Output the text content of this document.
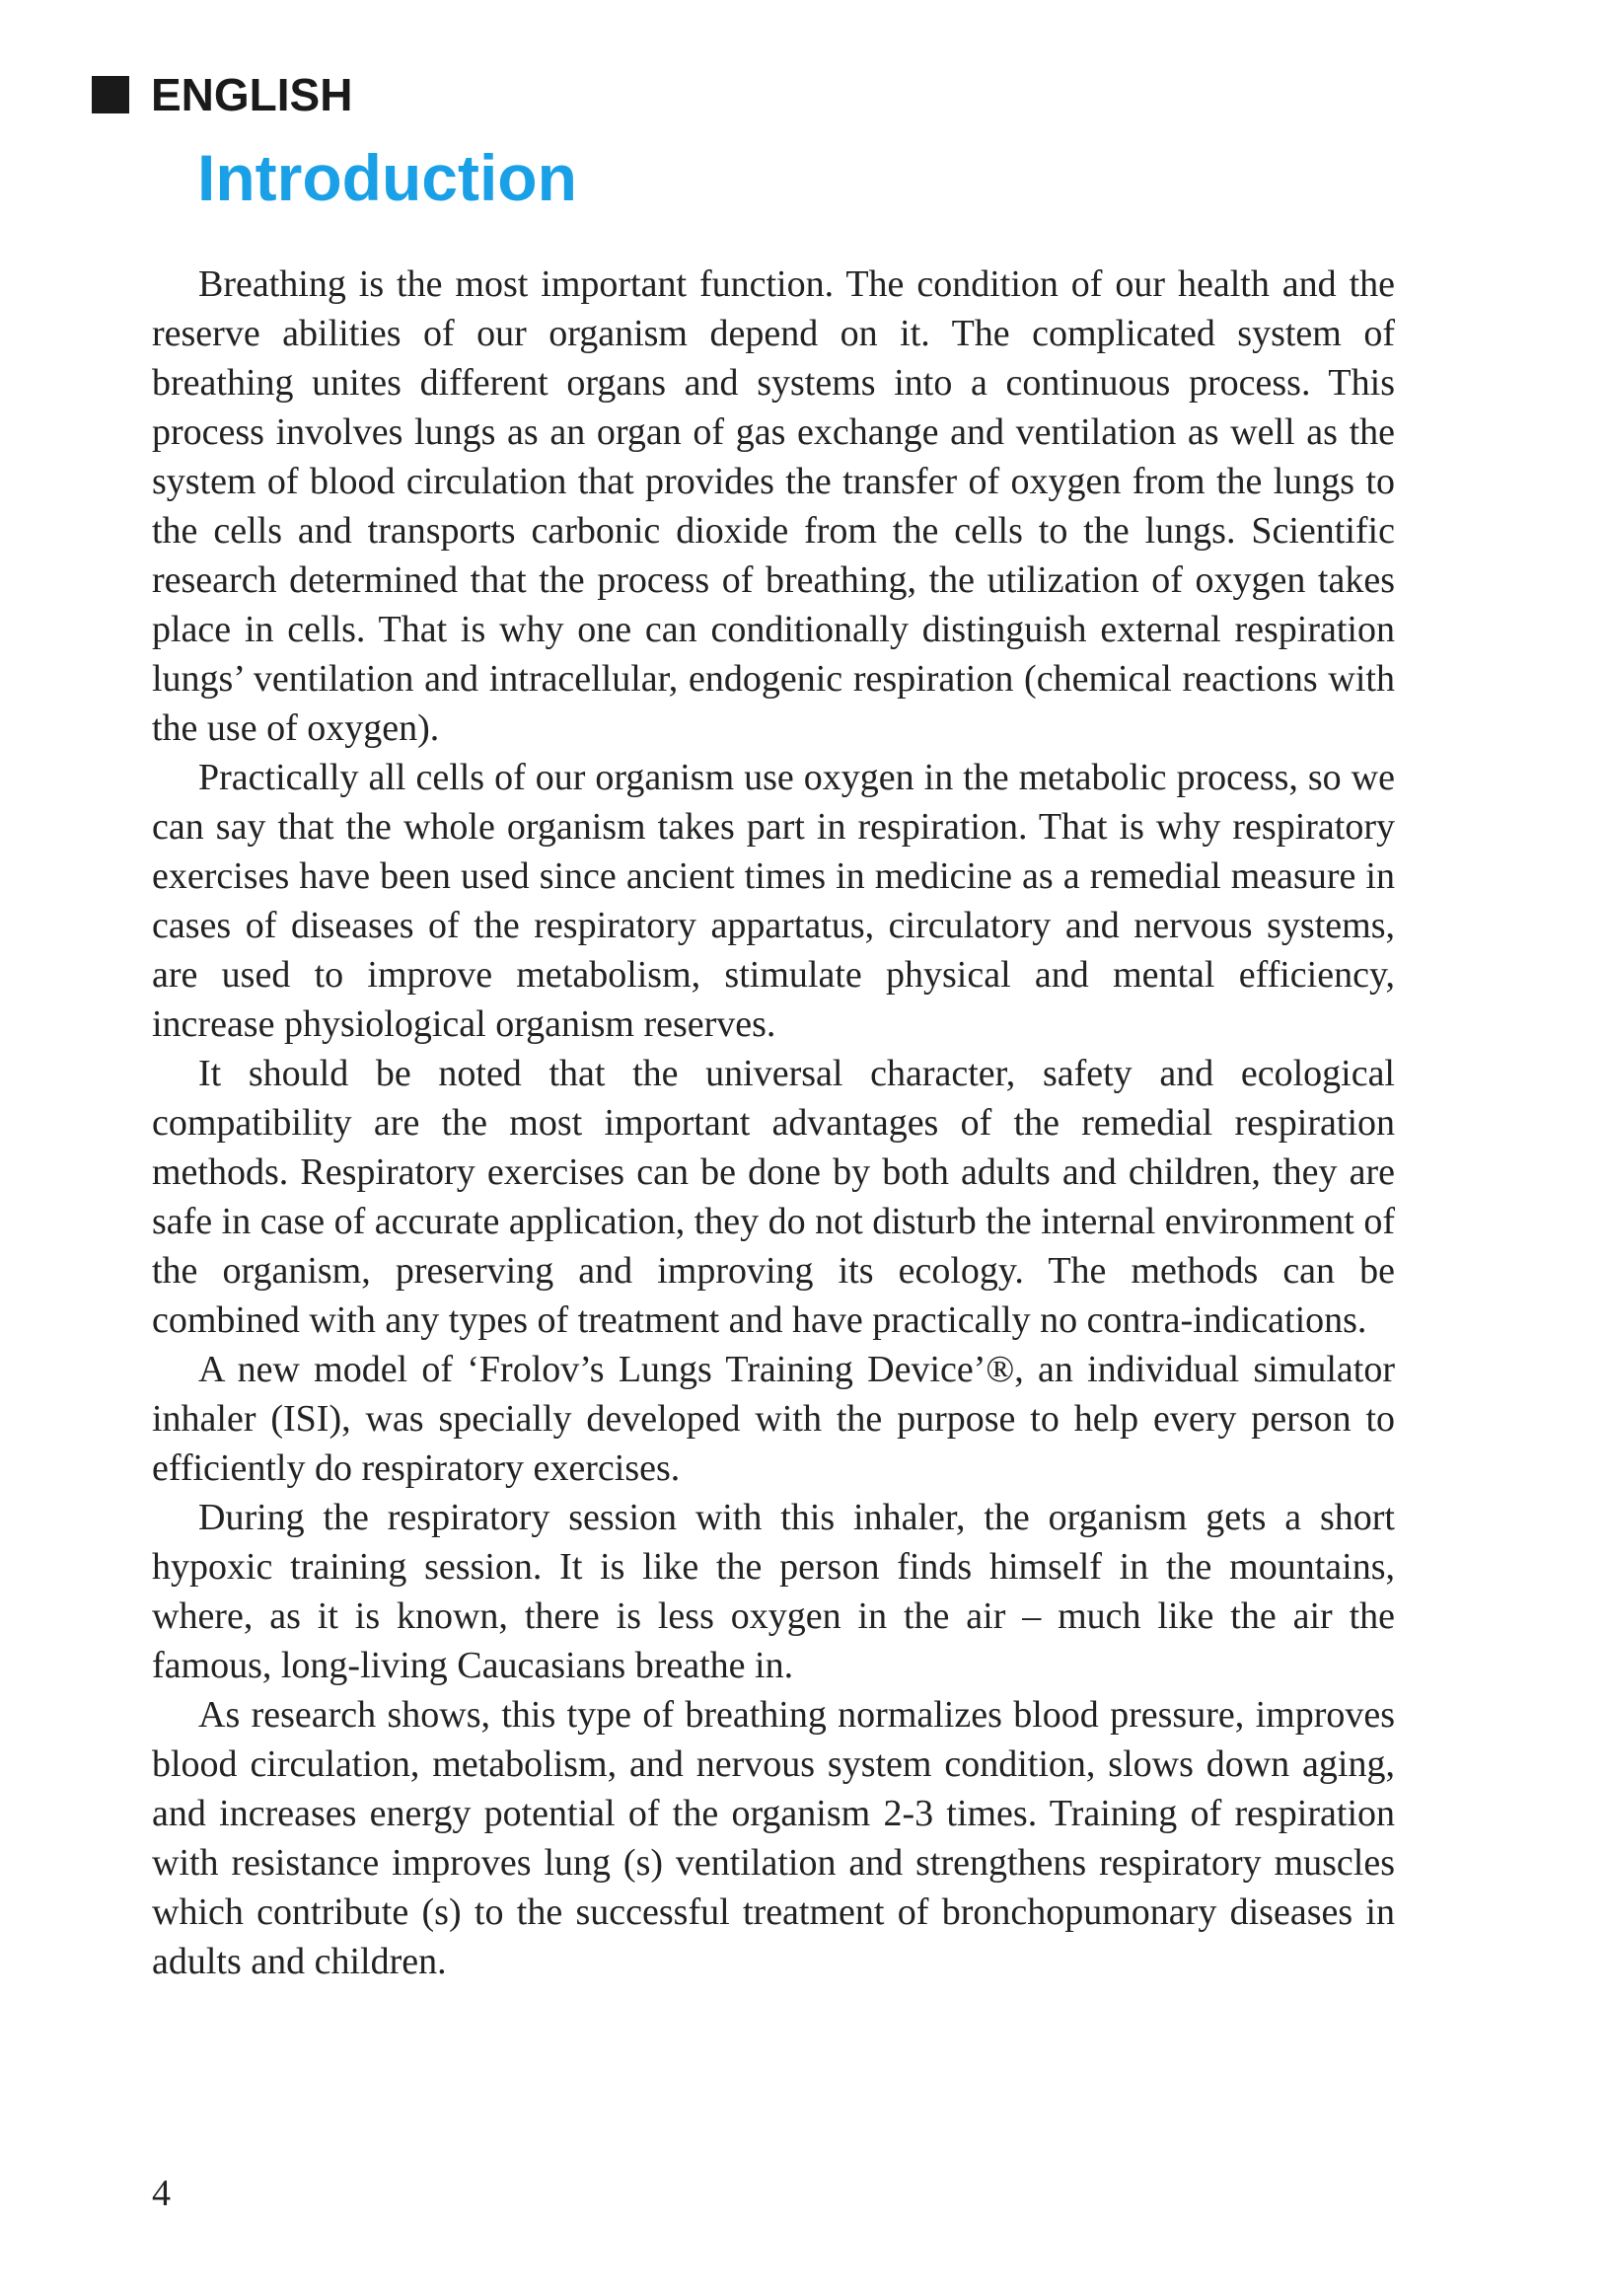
ENGLISH
Introduction

Breathing is the most important function. The condition of our health and the reserve abilities of our organism depend on it. The complicated system of breathing unites different organs and systems into a continuous process. This process involves lungs as an organ of gas exchange and ventilation as well as the system of blood circulation that provides the transfer of oxygen from the lungs to the cells and transports carbonic dioxide from the cells to the lungs. Scientific research determined that the process of breathing, the utilization of oxygen takes place in cells. That is why one can conditionally distinguish external respiration lungs’ ventilation and intracellular, endogenic respiration (chemical reactions with the use of oxygen).

Practically all cells of our organism use oxygen in the metabolic process, so we can say that the whole organism takes part in respiration. That is why respiratory exercises have been used since ancient times in medicine as a remedial measure in cases of diseases of the respiratory appartatus, circulatory and nervous systems, are used to improve metabolism, stimulate physical and mental efficiency, increase physiological organism reserves.

It should be noted that the universal character, safety and ecological compatibility are the most important advantages of the remedial respiration methods. Respiratory exercises can be done by both adults and children, they are safe in case of accurate application, they do not disturb the internal environment of the organism, preserving and improving its ecology. The methods can be combined with any types of treatment and have practically no contra-indications.

A new model of ‘Frolov’s Lungs Training Device’®, an individual simulator inhaler (ISI), was specially developed with the purpose to help every person to efficiently do respiratory exercises.

During the respiratory session with this inhaler, the organism gets a short hypoxic training session. It is like the person finds himself in the mountains, where, as it is known, there is less oxygen in the air – much like the air the famous, long-living Caucasians breathe in.

As research shows, this type of breathing normalizes blood pressure, improves blood circulation, metabolism, and nervous system condition, slows down aging, and increases energy potential of the organism 2-3 times. Training of respiration with resistance improves lung (s) ventilation and strengthens respiratory muscles which contribute (s) to the successful treatment of bronchopumonary diseases in adults and children.

4
